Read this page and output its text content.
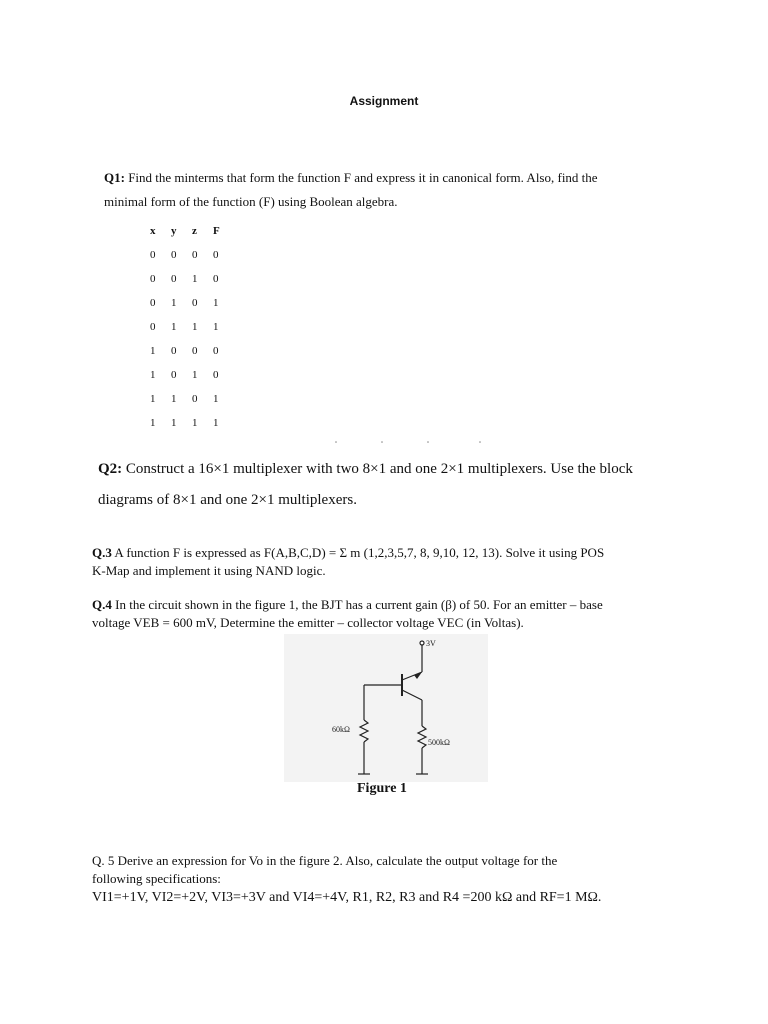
Assignment
Q1: Find the minterms that form the function F and express it in canonical form. Also, find the
minimal form of the function (F) using Boolean algebra.
x	y	z	F
0	0	0	0
0	0	1	0
0	1	0	1
0	1	1	1
1	0	0	0
1	0	1	0
1	1	0	1
1	1	1	1
Q2: Construct a 16×1 multiplexer with two 8×1 and one 2×1 multiplexers. Use the block
diagrams of 8×1 and one 2×1 multiplexers.
Q.3 A function F is expressed as F(A,B,C,D) = Σ m (1,2,3,5,7, 8, 9,10, 12, 13). Solve it using POS
K-Map and implement it using NAND logic.
Q.4 In the circuit shown in the figure 1, the BJT has a current gain (β) of 50. For an emitter – base
voltage VEB = 600 mV, Determine the emitter – collector voltage VEC (in Voltas).
3V
60kΩ
500kΩ
Figure 1
Q. 5 Derive an expression for Vo in the figure 2. Also, calculate the output voltage for the
following specifications:
VI1=+1V, VI2=+2V, VI3=+3V and VI4=+4V, R1, R2, R3 and R4 =200 kΩ and RF=1 MΩ.
